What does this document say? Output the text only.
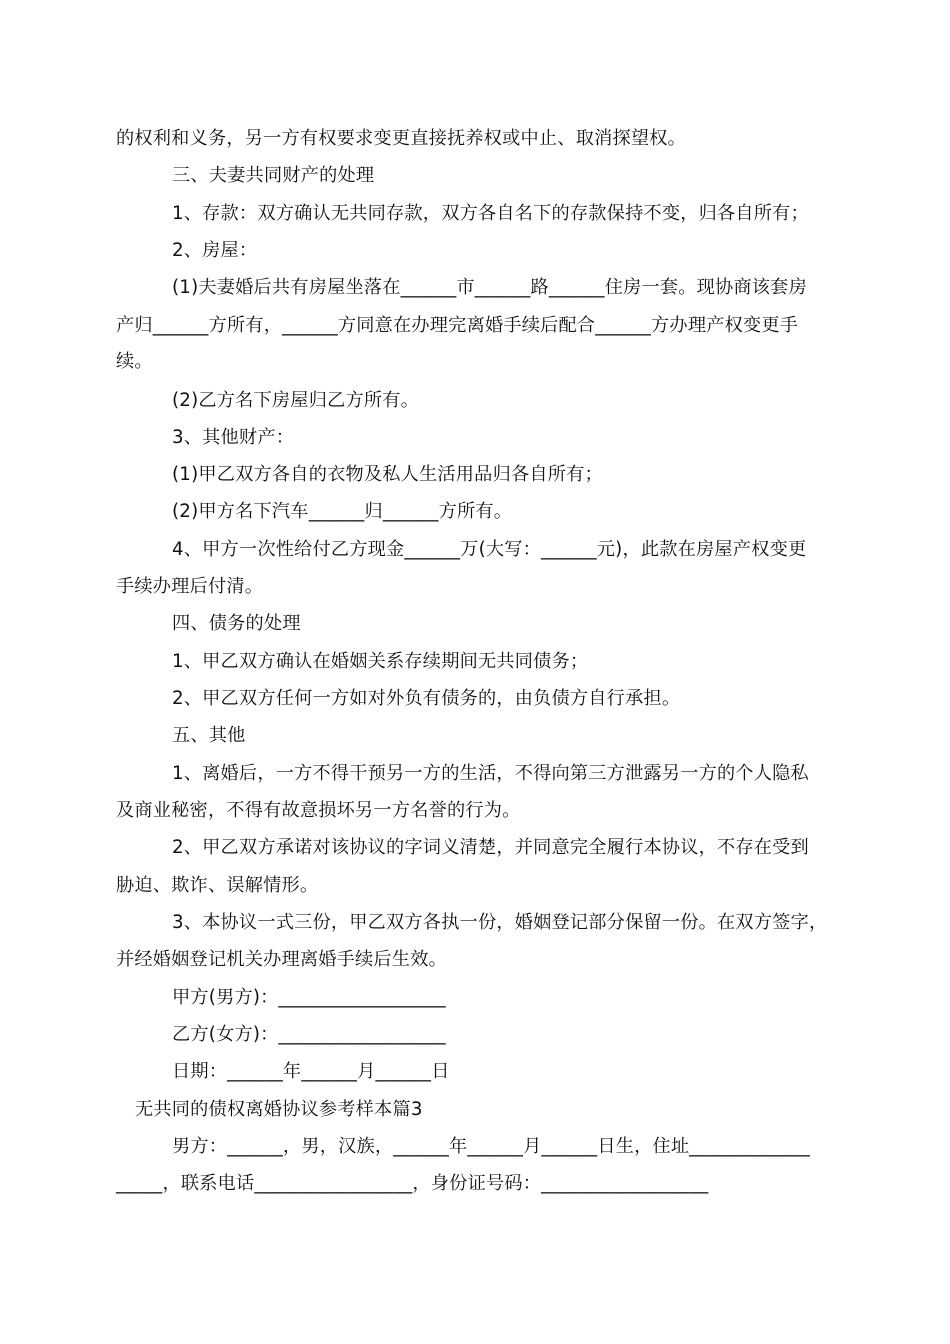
的权利和义务，另一方有权要求变更直接抚养权或中止、取消探望权。
三、夫妻共同财产的处理
1、存款：双方确认无共同存款，双方各自名下的存款保持不变，归各自所有；
2、房屋：
(1)夫妻婚后共有房屋坐落在______市______路______住房一套。现协商该套房
产归______方所有，______方同意在办理完离婚手续后配合______方办理产权变更手
续。
(2)乙方名下房屋归乙方所有。
3、其他财产：
(1)甲乙双方各自的衣物及私人生活用品归各自所有；
(2)甲方名下汽车______归______方所有。
4、甲方一次性给付乙方现金______万(大写：______元)，此款在房屋产权变更
手续办理后付清。
四、债务的处理
1、甲乙双方确认在婚姻关系存续期间无共同债务；
2、甲乙双方任何一方如对外负有债务的，由负债方自行承担。
五、其他
1、离婚后，一方不得干预另一方的生活，不得向第三方泄露另一方的个人隐私
及商业秘密，不得有故意损坏另一方名誉的行为。
2、甲乙双方承诺对该协议的字词义清楚，并同意完全履行本协议，不存在受到
胁迫、欺诈、误解情形。
3、本协议一式三份，甲乙双方各执一份，婚姻登记部分保留一份。在双方签字，
并经婚姻登记机关办理离婚手续后生效。
甲方(男方)：__________________
乙方(女方)：__________________
日期：______年______月______日
无共同的债权离婚协议参考样本篇3
男方：______，男，汉族，______年______月______日生，住址_____________
_____，联系电话_________________，身份证号码：__________________
